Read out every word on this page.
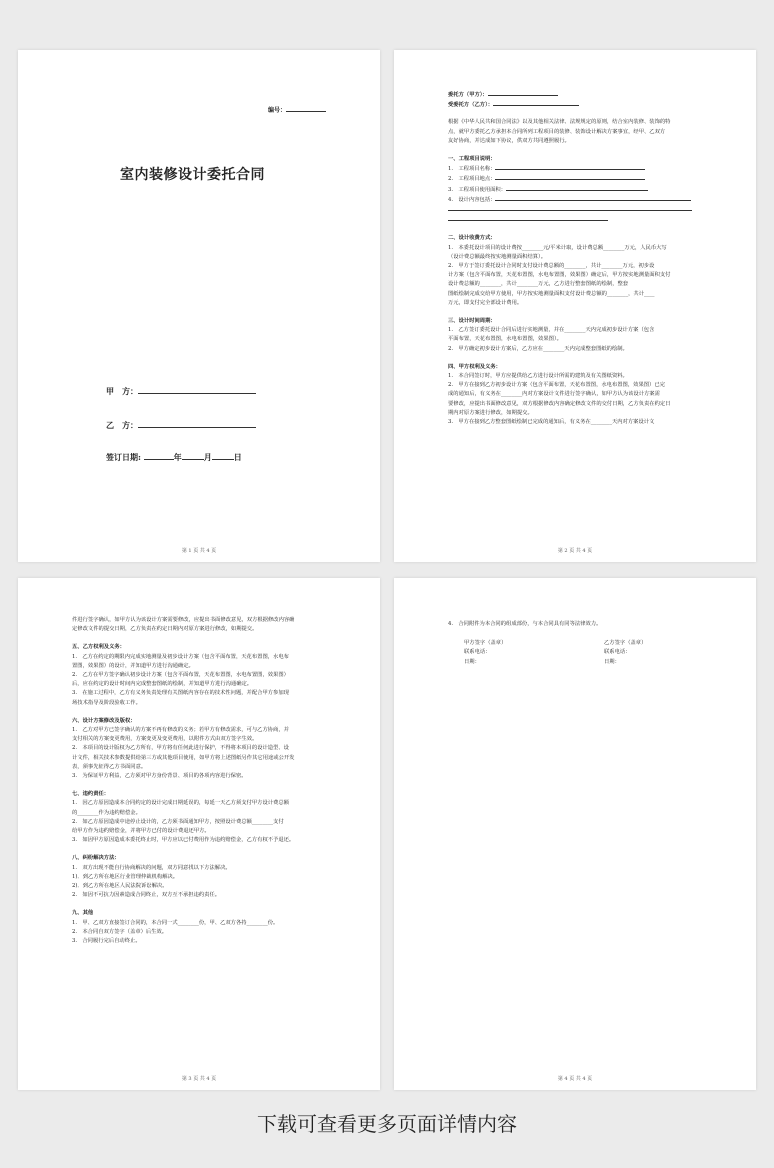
编号：
室内装修设计委托合同
甲　方：
乙　方：
签订日期:	年	月	日
第 1 页 共 4 页
委托方（甲方）：
受委托方（乙方）：
根据《中华人民共和国合同法》以及其他相关法律、法规规定的原则，结合室内装修、装饰的特
点，就甲方委托乙方承担本合同所列工程项目的装修、装饰设计解决方案事宜，经甲、乙双方
友好协商，并达成如下协议，供双方共同遵照履行。
一、工程项目说明：
1.　工程项目名称：
2.　工程项目地点：
3.　工程项目使用面积：
4.　设计内容包括：
二、设计收费方式：
1.　本委托设计项目的设计费按________元/平米计取，设计费总额________万元，人民币大写
（设计费总额最终按实地测量面积结算）。
2.　甲方于签订委托设计合同时支付设计费总额的________，共计________万元，初步设
计方案（包含平面布置，天花布置图，水电布置图，效果图）确定后，甲方按实地测量面积支付
设计费总额的________，共计________万元，乙方进行整套图纸的绘制，整套
图纸绘制完成交给甲方使用，甲方按实地测量面积支付设计费总额的________，共计____
万元，即支付完全部设计费用。
三、设计时间周期：
1.　乙方签订委托设计合同后进行实地测量，并在________天内完成初步设计方案（包含
平面布置，天花布置图，水电布置图，效果图）。
2.　甲方确定初步设计方案后，乙方应在________天内完成整套图纸的绘制。
四、甲方权利及义务：
1.　本合同签订时，甲方应提供给乙方进行设计所需的建筑及有关图纸资料。
2.　甲方在接到乙方初步设计方案（包含平面布置，天花布置图，水电布置图，效果图）已完
成的通知后，有义务在________内对方案设计文件进行签字确认，如甲方认为该设计方案需
要修改，应提出书面修改意见，双方根据修改内容确定修改文件的交付日期，乙方负责在约定日
期内对原方案进行修改，如期提交。
3.　甲方在接到乙方整套图纸绘制已完成的通知后，有义务在________天内对方案设计文
第 2 页 共 4 页
件进行签字确认，如甲方认为该设计方案需要修改，应提出书面修改意见，双方根据修改内容确
定修改文件的提交日期，乙方负责在约定日期内对原方案进行修改，如期提交。
五、乙方权利及义务：
1.　乙方在约定的期限内完成实地测量及初步设计方案（包含平面布置，天花布置图，水电布
置图，效果图）的设计，并知道甲方进行沟通确定。
2.　乙方在甲方签字确认初步设计方案（包含平面布置，天花布置图，水电布置图，效果图）
后，应在约定的设计时间内完成整套图纸的绘制，并知道甲方进行沟通确定。
3.　在施工过程中，乙方有义务负责处理有关图纸内容存在的技术性问题，并配合甲方参加现
场技术指导及阶段验收工作。
六、设计方案修改及版权：
1.　乙方对甲方已签字确认的方案不再有修改的义务；若甲方有修改需求，可与乙方协商，并
支付相关的方案变更费用，方案变更及变更费用，以附件方式由双方签字生效。
2.　本项目的设计版权为乙方所有，甲方将有任何此进行保护，不得将本项目的设计造型、设
计文件，相关技术参数提供给第三方或其他项目使用，如甲方将上述图纸另作其它用途或公开发
表，须事先征得乙方书面同意。
3.　为保证甲方利益，乙方须对甲方身份背景、项目的各项内容进行保密。
七、违约责任：
1.　因乙方原因造成本合同约定的设计完成日期延误的，每延一天乙方须支付甲方设计费总额
的________作为违约赔偿金。
2.　如乙方原因造成中途停止设计的，乙方须书面通知甲方，按照设计费总额________支付
给甲方作为违约赔偿金，并将甲方已付的设计费退还甲方。
3.　如因甲方原因造成本委托终止时，甲方应以已付费用作为违约赔偿金，乙方有权不予退还。
八、纠纷解决方法：
1.　双方出现不能自行协商解决的问题，双方同意找以下方法解决。
1)．到乙方所在地区行业管理仲裁机构解决。
2)．到乙方所在地区人民法院诉讼解决。
2.　如因不可抗力因素造成合同终止，双方互不承担违约责任。
九、其他
1.　甲、乙双方直接签订合同的，本合同一式________份，甲、乙双方各持________份。
2.　本合同自双方签字（盖章）后生效。
3.　合同履行完后自动终止。
第 3 页 共 4 页
4.　合同附件为本合同的组成部份，与本合同具有同等法律效力。
甲方签字（盖章）
联系电话：
日期：
乙方签字（盖章）
联系电话：
日期：
第 4 页 共 4 页
下载可查看更多页面详情内容
